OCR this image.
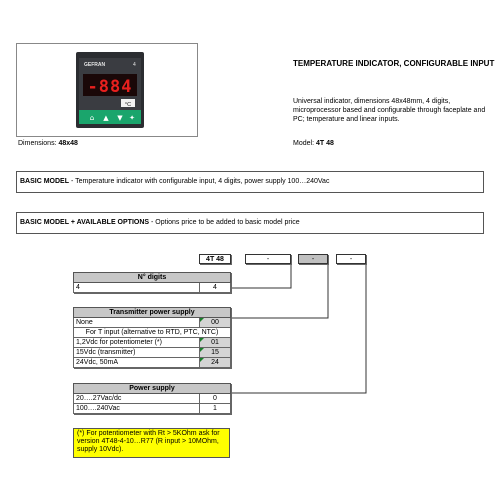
GEFRAN	4
-884
°C
⌂ ▲ ▼ ✦
TEMPERATURE INDICATOR, CONFIGURABLE INPUT
Universal indicator, dimensions 48x48mm, 4 digits, microprocessor based and configurable through faceplate and PC; temperature and linear inputs.
Dimensions: 48x48	Model: 4T 48
BASIC MODEL - Temperature indicator with configurable input, 4 digits, power supply 100…240Vac
BASIC MODEL + AVAILABLE OPTIONS - Options price to be added to basic model price
4T 48	-	-	-
N° digits
4	4
Transmitter power supply	
None	00
For T input (alternative to RTD, PTC, NTC)	
1,2Vdc for potentiometer (*)	01
15Vdc (transmitter)	15
24Vdc, 50mA	24
Power supply	
20….27Vac/dc	0
100….240Vac	1
(*) For potentiometer with Rt > 5KOhm ask for version 4T48-4-10…R77 (R input > 10MOhm, supply 10Vdc).
